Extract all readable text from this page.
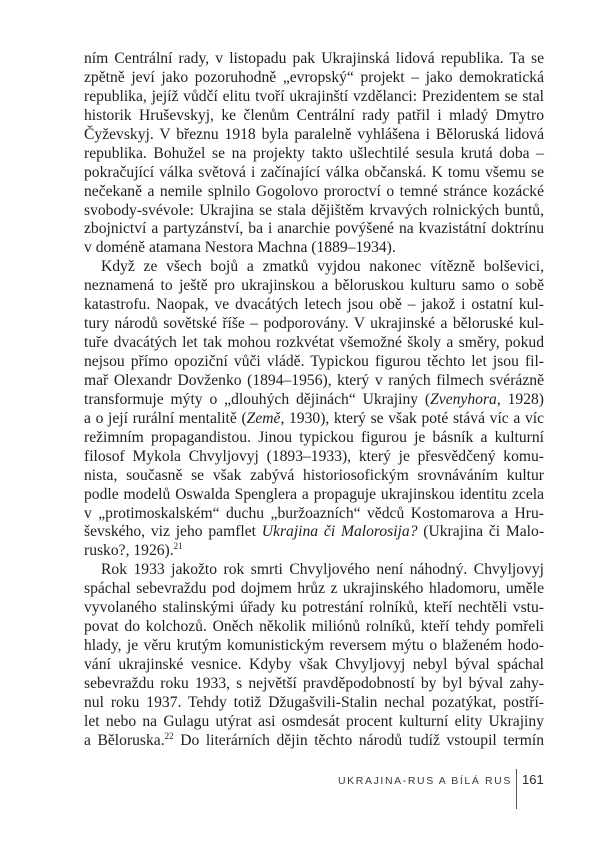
ním Centrální rady, v listopadu pak Ukrajinská lidová republika. Ta se
zpětně jeví jako pozoruhodně „evropský“ projekt – jako demokratická
republika, jejíž vůdčí elitu tvoří ukrajinští vzdělanci: Prezidentem se stal
historik Hruševskyj, ke členům Centrální rady patřil i mladý Dmytro
Čyževskyj. V březnu 1918 byla paralelně vyhlášena i Běloruská lidová
republika. Bohužel se na projekty takto ušlechtilé sesula krutá doba –
pokračující válka světová i začínající válka občanská. K tomu všemu se
nečekaně a nemile splnilo Gogolovo proroctví o temné stránce kozácké
svobody-svévole: Ukrajina se stala dějištěm krvavých rolnických buntů,
zbojnictví a partyzánství, ba i anarchie povýšené na kvazistátní doktrínu
v doméně atamana Nestora Machna (1889–1934).
Když ze všech bojů a zmatků vyjdou nakonec vítězně bolševici,
neznamená to ještě pro ukrajinskou a běloruskou kulturu samo o sobě
katastrofu. Naopak, ve dvacátých letech jsou obě – jakož i ostatní kul-
tury národů sovětské říše – podporovány. V ukrajinské a běloruské kul-
tuře dvacátých let tak mohou rozkvétat všemožné školy a směry, pokud
nejsou přímo opoziční vůči vládě. Typickou figurou těchto let jsou fil-
mař Olexandr Dovženko (1894–1956), který v raných filmech svérázně
transformuje mýty o „dlouhých dějinách“ Ukrajiny (Zvenyhora, 1928)
a o její rurální mentalitě (Země, 1930), který se však poté stává víc a víc
režimním propagandistou. Jinou typickou figurou je básník a kulturní
filosof Mykola Chvyljovyj (1893–1933), který je přesvědčený komu-
nista, současně se však zabývá historiosofickým srovnáváním kultur
podle modelů Oswalda Spenglera a propaguje ukrajinskou identitu zcela
v „protimoskalském“ duchu „buržoazních“ vědců Kostomarova a Hru-
ševského, viz jeho pamflet Ukrajina či Malorosija? (Ukrajina či Malo-
rusko?, 1926).$^{21}$
Rok 1933 jakožto rok smrti Chvyljového není náhodný. Chvyljovyj
spáchal sebevraždu pod dojmem hrůz z ukrajinského hladomoru, uměle
vyvolaného stalinskými úřady ku potrestání rolníků, kteří nechtěli vstu-
povat do kolchozů. Oněch několik miliónů rolníků, kteří tehdy pomřeli
hlady, je věru krutým komunistickým reversem mýtu o blaženém hodo-
vání ukrajinské vesnice. Kdyby však Chvyljovyj nebyl býval spáchal
sebevraždu roku 1933, s největší pravděpodobností by byl býval zahy-
nul roku 1937. Tehdy totiž Džugašvili-Stalin nechal pozatýkat, postří-
let nebo na Gulagu utýrat asi osmdesát procent kulturní elity Ukrajiny
a Běloruska.$^{22}$ Do literárních dějin těchto národů tudíž vstoupil termín
UKRAJINA-RUS A BÍLÁ RUS 161
